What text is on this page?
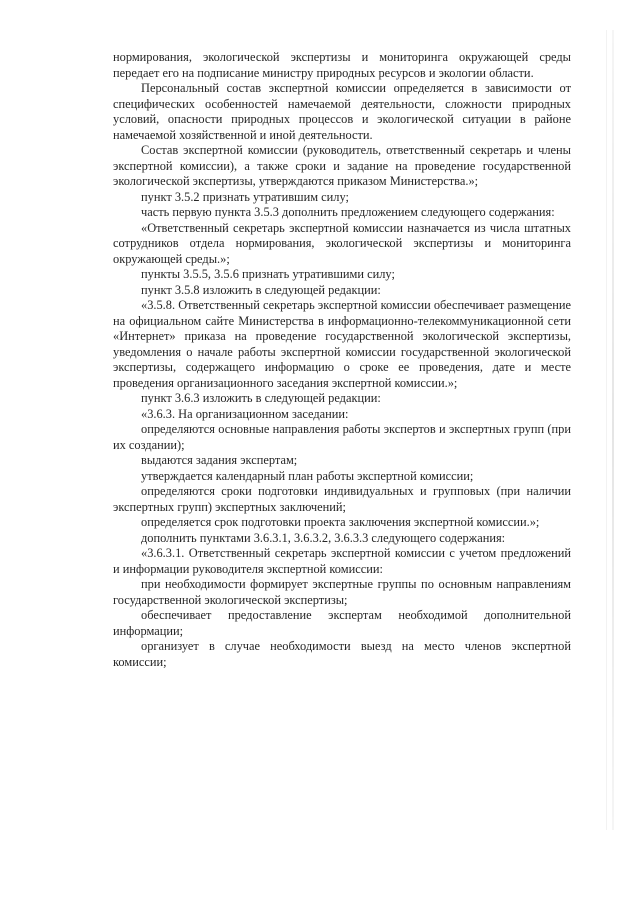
нормирования, экологической экспертизы и мониторинга окружающей среды передает его на подписание министру природных ресурсов и экологии области.

Персональный состав экспертной комиссии определяется в зависимости от специфических особенностей намечаемой деятельности, сложности природных условий, опасности природных процессов и экологической ситуации в районе намечаемой хозяйственной и иной деятельности.

Состав экспертной комиссии (руководитель, ответственный секретарь и члены экспертной комиссии), а также сроки и задание на проведение государственной экологической экспертизы, утверждаются приказом Министерства.»;

пункт 3.5.2 признать утратившим силу;

часть первую пункта 3.5.3 дополнить предложением следующего содержания:

«Ответственный секретарь экспертной комиссии назначается из числа штатных сотрудников отдела нормирования, экологической экспертизы и мониторинга окружающей среды.»;

пункты 3.5.5, 3.5.6 признать утратившими силу;

пункт 3.5.8 изложить в следующей редакции:

«3.5.8. Ответственный секретарь экспертной комиссии обеспечивает размещение на официальном сайте Министерства в информационно-телекоммуникационной сети «Интернет» приказа на проведение государственной экологической экспертизы, уведомления о начале работы экспертной комиссии государственной экологической экспертизы, содержащего информацию о сроке ее проведения, дате и месте проведения организационного заседания экспертной комиссии.»;

пункт 3.6.3 изложить в следующей редакции:

«3.6.3. На организационном заседании:

определяются основные направления работы экспертов и экспертных групп (при их создании);

выдаются задания экспертам;

утверждается календарный план работы экспертной комиссии;

определяются сроки подготовки индивидуальных и групповых (при наличии экспертных групп) экспертных заключений;

определяется срок подготовки проекта заключения экспертной комиссии.»;

дополнить пунктами 3.6.3.1, 3.6.3.2, 3.6.3.3 следующего содержания:

«3.6.3.1. Ответственный секретарь экспертной комиссии с учетом предложений и информации руководителя экспертной комиссии:

при необходимости формирует экспертные группы по основным направлениям государственной экологической экспертизы;

обеспечивает предоставление экспертам необходимой дополнительной информации;

организует в случае необходимости выезд на место членов экспертной комиссии;
